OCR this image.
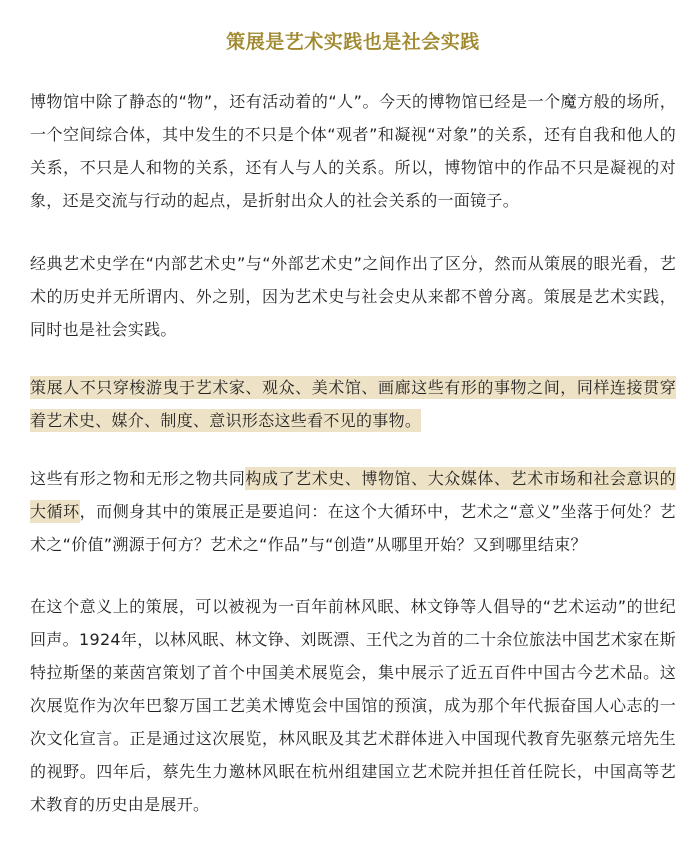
策展是艺术实践也是社会实践

博物馆中除了静态的“物”，还有活动着的“人”。今天的博物馆已经是一个魔方般的场所，一个空间综合体，其中发生的不只是个体“观者”和凝视“对象”的关系，还有自我和他人的关系，不只是人和物的关系，还有人与人的关系。所以，博物馆中的作品不只是凝视的对象，还是交流与行动的起点，是折射出众人的社会关系的一面镜子。

经典艺术史学在“内部艺术史”与“外部艺术史”之间作出了区分，然而从策展的眼光看，艺术的历史并无所谓内、外之别，因为艺术史与社会史从来都不曾分离。策展是艺术实践，同时也是社会实践。

策展人不只穿梭游曳于艺术家、观众、美术馆、画廊这些有形的事物之间，同样连接贯穿着艺术史、媒介、制度、意识形态这些看不见的事物。

这些有形之物和无形之物共同构成了艺术史、博物馆、大众媒体、艺术市场和社会意识的大循环，而侧身其中的策展正是要追问：在这个大循环中，艺术之“意义”坐落于何处？艺术之“价值”溯源于何方？艺术之“作品”与“创造”从哪里开始？又到哪里结束？

在这个意义上的策展，可以被视为一百年前林风眠、林文铮等人倡导的“艺术运动”的世纪回声。1924年，以林风眠、林文铮、刘既漂、王代之为首的二十余位旅法中国艺术家在斯特拉斯堡的莱茵宫策划了首个中国美术展览会，集中展示了近五百件中国古今艺术品。这次展览作为次年巴黎万国工艺美术博览会中国馆的预演，成为那个年代振奋国人心志的一次文化宣言。正是通过这次展览，林风眠及其艺术群体进入中国现代教育先驱蔡元培先生的视野。四年后，蔡先生力邀林风眠在杭州组建国立艺术院并担任首任院长，中国高等艺术教育的历史由是展开。
